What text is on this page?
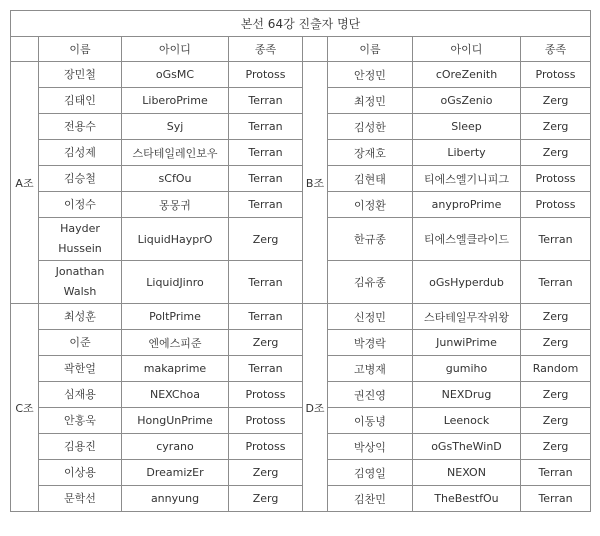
본선 64강 진출자 명단							
	이름	아이디	종족		이름	아이디	종족
A조	장민철	oGsMC	Protoss	B조	안정민	cOreZenith	Protoss
	김태인	LiberoPrime	Terran		최정민	oGsZenio	Zerg
	전용수	Syj	Terran		김성한	Sleep	Zerg
	김성제	스타테일레인보우	Terran		장재호	Liberty	Zerg
	김승철	sCfOu	Terran		김현태	티에스엘기니피그	Protoss
	이정수	몽몽귀	Terran		이정환	anyproPrime	Protoss
	Hayder Hussein	LiquidHayprO	Zerg		한규종	티에스엘클라이드	Terran
	Jonathan Walsh	LiquidJinro	Terran		김유종	oGsHyperdub	Terran
C조	최성훈	PoltPrime	Terran	D조	신정민	스타테일무작위왕	Zerg
	이준	엔에스피준	Zerg		박경락	JunwiPrime	Zerg
	곽한얼	makaprime	Terran		고병재	gumiho	Random
	심재용	NEXChoa	Protoss		권진영	NEXDrug	Zerg
	안홍욱	HongUnPrime	Protoss		이동녕	Leenock	Zerg
	김용진	cyrano	Protoss		박상익	oGsTheWinD	Zerg
	이상용	DreamizEr	Zerg		김영일	NEXON	Terran
	문학선	annyung	Zerg		김찬민	TheBestfOu	Terran
